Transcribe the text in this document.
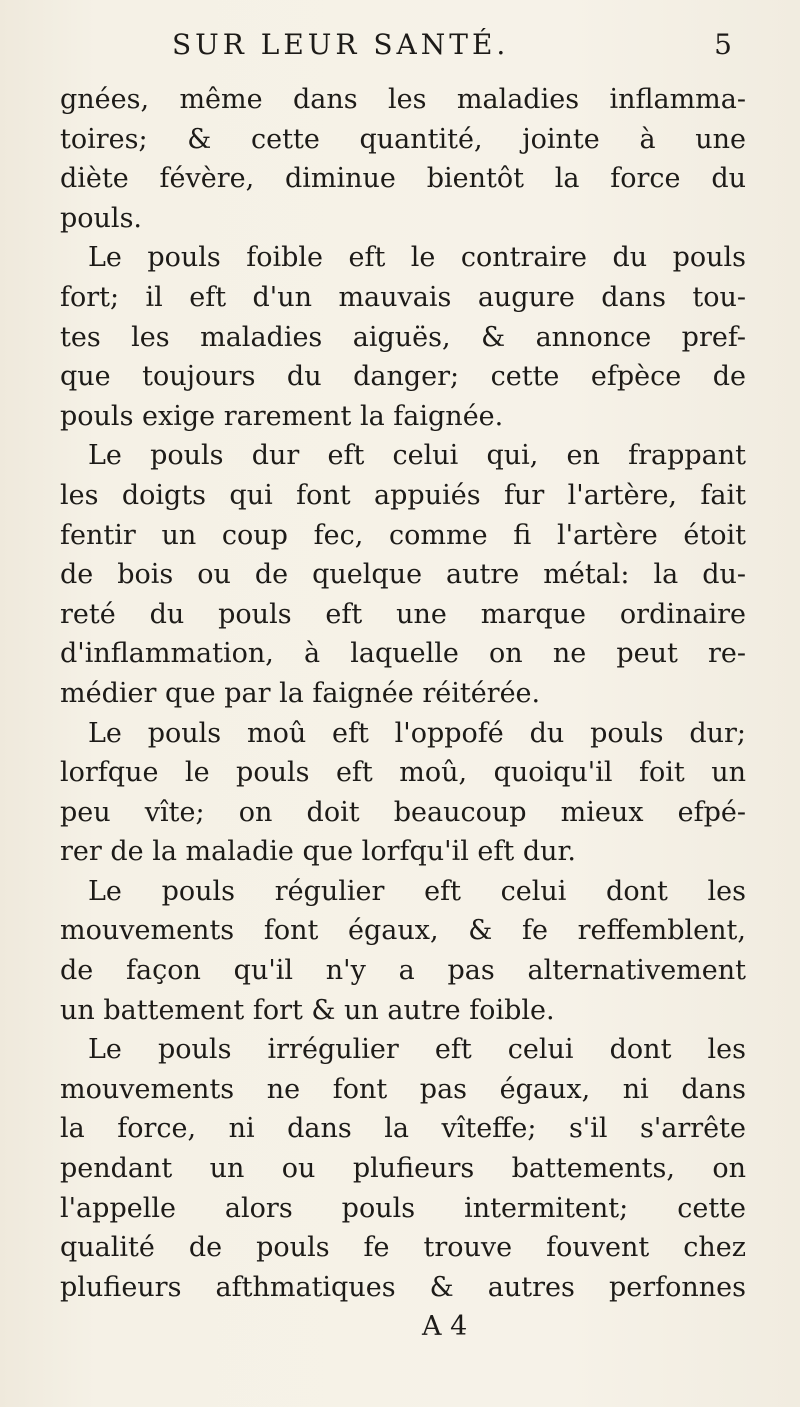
SUR LEUR SANTÉ.	5
gnées, même dans les maladies inflamma-
toires; & cette quantité, jointe à une
diète févère, diminue bientôt la force du
pouls.
Le pouls foible eft le contraire du pouls
fort; il eft d'un mauvais augure dans tou-
tes les maladies aiguës, & annonce pref-
que toujours du danger; cette efpèce de
pouls exige rarement la faignée.
Le pouls dur eft celui qui, en frappant
les doigts qui font appuiés fur l'artère, fait
fentir un coup fec, comme fi l'artère étoit
de bois ou de quelque autre métal: la du-
reté du pouls eft une marque ordinaire
d'inflammation, à laquelle on ne peut re-
médier que par la faignée réitérée.
Le pouls moû eft l'oppofé du pouls dur;
lorfque le pouls eft moû, quoiqu'il foit un
peu vîte; on doit beaucoup mieux efpé-
rer de la maladie que lorfqu'il eft dur.
Le pouls régulier eft celui dont les
mouvements font égaux, & fe reffemblent,
de façon qu'il n'y a pas alternativement
un battement fort & un autre foible.
Le pouls irrégulier eft celui dont les
mouvements ne font pas égaux, ni dans
la force, ni dans la vîteffe; s'il s'arrête
pendant un ou plufieurs battements, on
l'appelle alors pouls intermitent; cette
qualité de pouls fe trouve fouvent chez
plufieurs afthmatiques & autres perfonnes
A 4
